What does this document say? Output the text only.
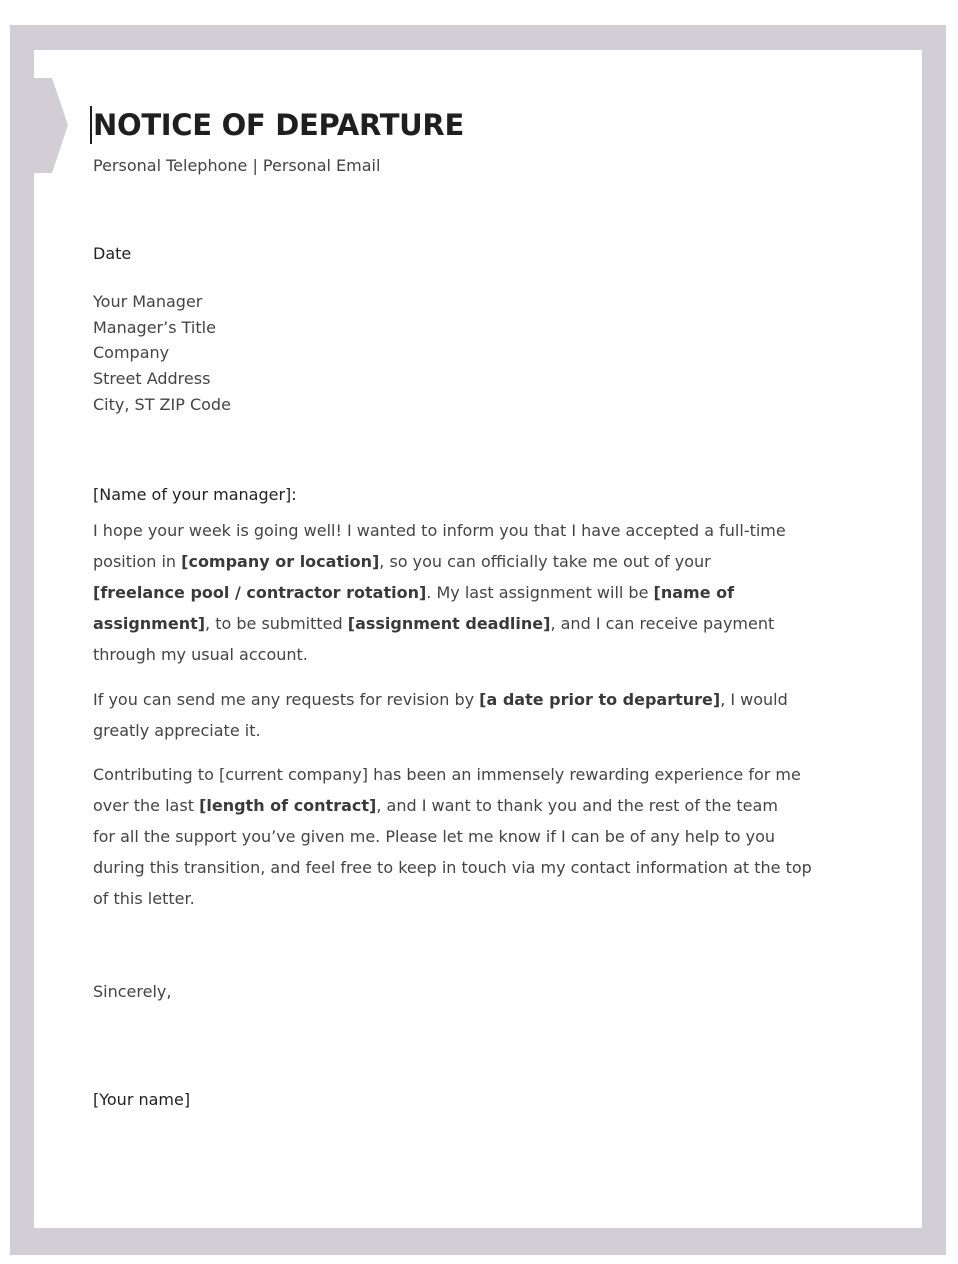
NOTICE OF DEPARTURE
Personal Telephone | Personal Email
Date
Your Manager
Manager’s Title
Company
Street Address
City, ST ZIP Code
[Name of your manager]:
I hope your week is going well! I wanted to inform you that I have accepted a full-time
position in [company or location], so you can officially take me out of your
[freelance pool / contractor rotation]. My last assignment will be [name of
assignment], to be submitted [assignment deadline], and I can receive payment
through my usual account.
If you can send me any requests for revision by [a date prior to departure], I would
greatly appreciate it.
Contributing to [current company] has been an immensely rewarding experience for me
over the last [length of contract], and I want to thank you and the rest of the team
for all the support you’ve given me. Please let me know if I can be of any help to you
during this transition, and feel free to keep in touch via my contact information at the top
of this letter.
Sincerely,
[Your name]
